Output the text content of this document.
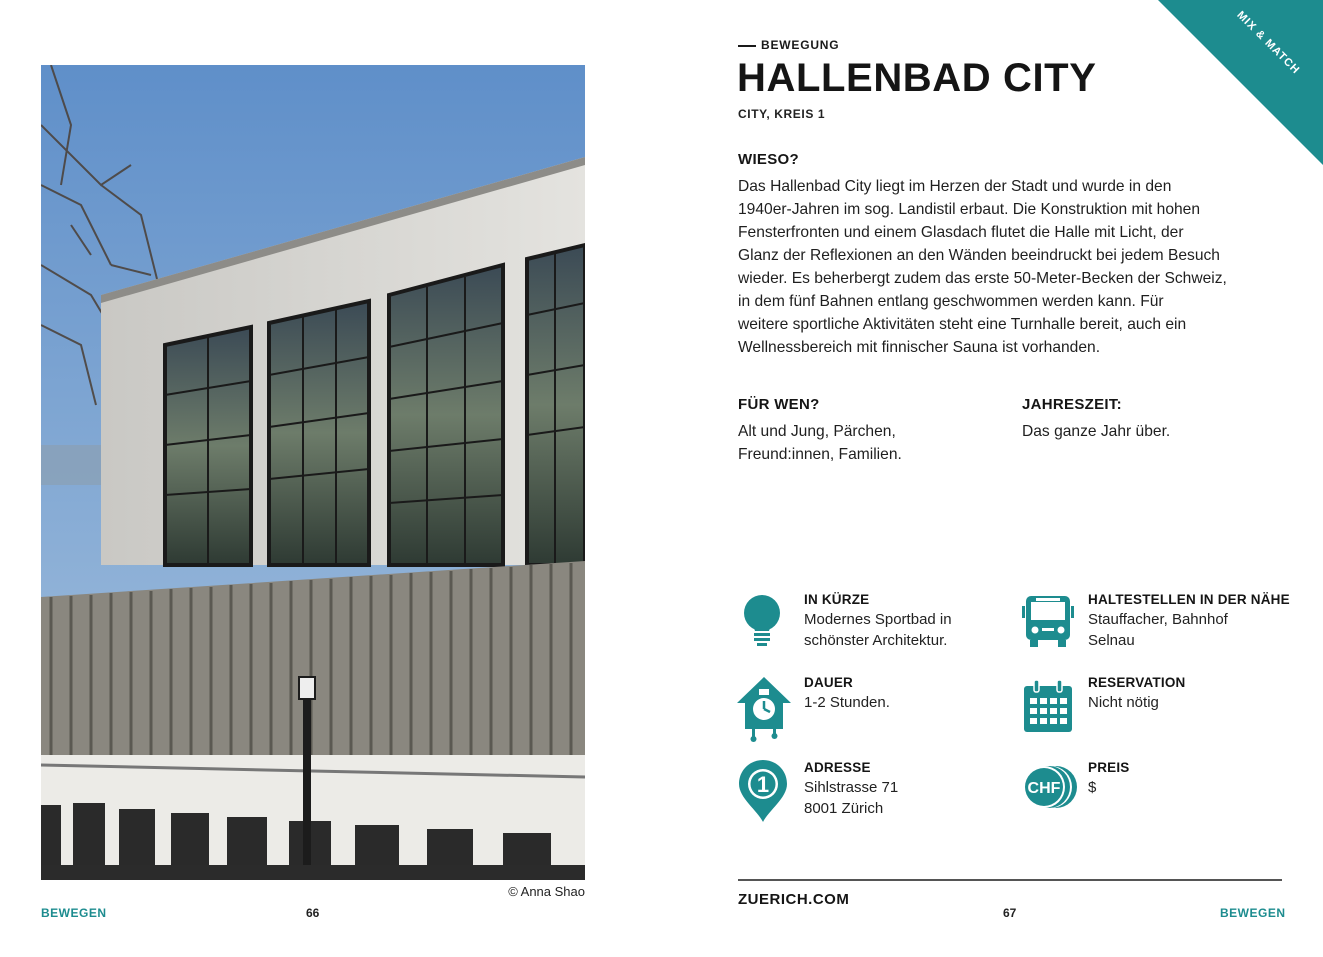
© Anna Shao
BEWEGEN	66
MIX & MATCH
BEWEGUNG
HALLENBAD CITY
CITY, KREIS 1
WIESO?
Das Hallenbad City liegt im Herzen der Stadt und wurde in den
1940er-Jahren im sog. Landistil erbaut. Die Konstruktion mit hohen
Fensterfronten und einem Glasdach flutet die Halle mit Licht, der
Glanz der Reflexionen an den Wänden beeindruckt bei jedem Besuch
wieder. Es beherbergt zudem das erste 50-Meter-Becken der Schweiz,
in dem fünf Bahnen entlang geschwommen werden kann. Für
weitere sportliche Aktivitäten steht eine Turnhalle bereit, auch ein
Wellnessbereich mit finnischer Sauna ist vorhanden.
FÜR WEN?
Alt und Jung, Pärchen,
Freund:innen, Familien.
JAHRESZEIT:
Das ganze Jahr über.
IN KÜRZE
Modernes Sportbad in
schönster Architektur.
HALTESTELLEN IN DER NÄHE
Stauffacher, Bahnhof
Selnau
DAUER
1-2 Stunden.
RESERVATION
Nicht nötig
1
ADRESSE
Sihlstrasse 71
8001 Zürich
CHF
PREIS
$
ZUERICH.COM
67	BEWEGEN
